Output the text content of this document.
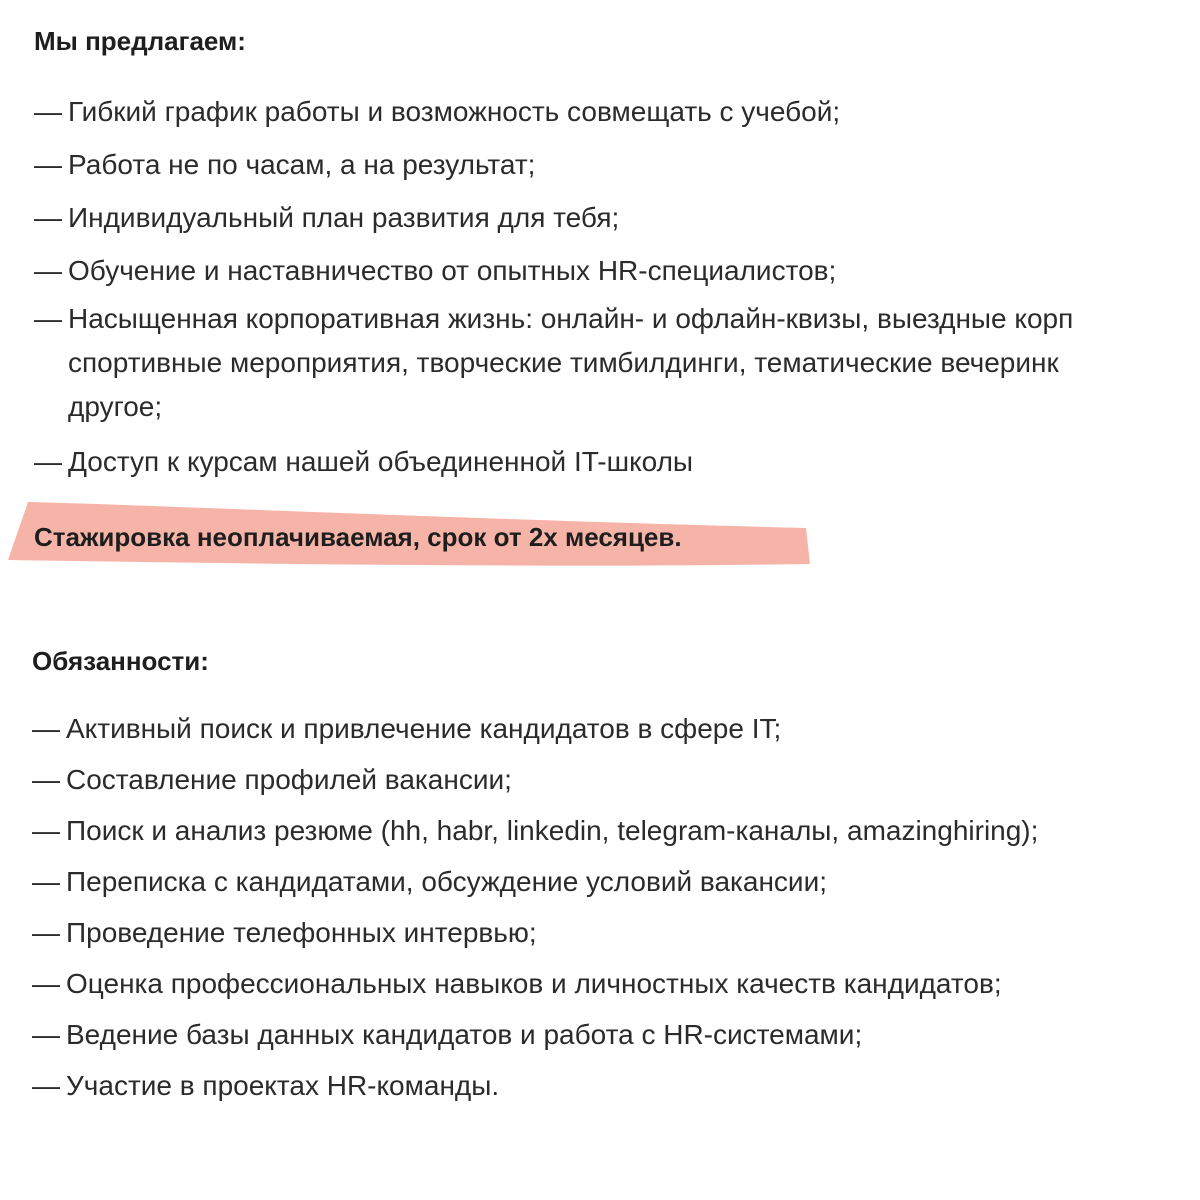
Мы предлагаем:
— Гибкий график работы и возможность совмещать с учебой;
— Работа не по часам, а на результат;
— Индивидуальный план развития для тебя;
— Обучение и наставничество от опытных HR-специалистов;
— Насыщенная корпоративная жизнь: онлайн- и офлайн-квизы, выездные корп
спортивные мероприятия, творческие тимбилдинги, тематические вечеринк
другое;
— Доступ к курсам нашей объединенной IT-школы

Стажировка неоплачиваемая, срок от 2х месяцев.

Обязанности:
— Активный поиск и привлечение кандидатов в сфере IT;
— Составление профилей вакансии;
— Поиск и анализ резюме (hh, habr, linkedin, telegram-каналы, amazinghiring);
— Переписка с кандидатами, обсуждение условий вакансии;
— Проведение телефонных интервью;
— Оценка профессиональных навыков и личностных качеств кандидатов;
— Ведение базы данных кандидатов и работа с HR-системами;
— Участие в проектах HR-команды.
